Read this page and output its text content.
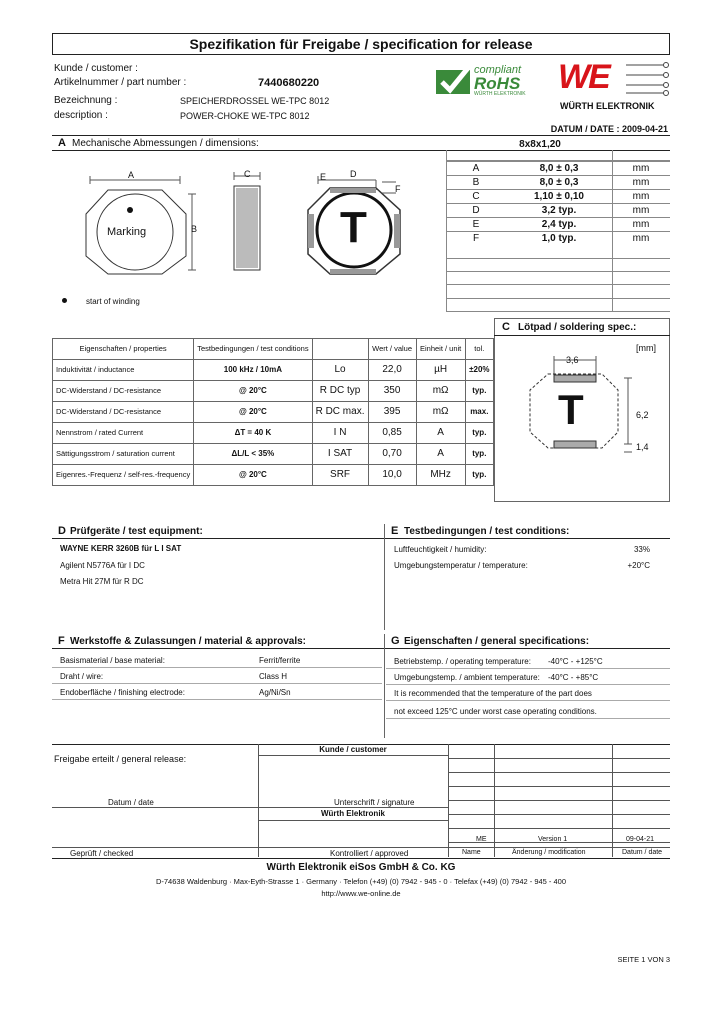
Spezifikation für Freigabe / specification for release
Kunde / customer :
Artikelnummer / part number :	7440680220
Bezeichnung :	SPEICHERDROSSEL WE-TPC 8012
description :	POWER-CHOKE WE-TPC 8012
compliant
RoHS
WÜRTH ELEKTRONIK WE
WÜRTH ELEKTRONIK
DATUM / DATE : 2009-04-21
A Mechanische Abmessungen / dimensions:	8x8x1,20
A
B
Marking
C
T
D
E
F
A	8,0 ± 0,3	mm
B	8,0 ± 0,3	mm
C	1,10 ± 0,10	mm
D	3,2 typ.	mm
E	2,4 typ.	mm
F	1,0 typ.	mm
start of winding
Eigenschaften / properties	Testbedingungen / test conditions		Wert / value	Einheit / unit	tol.
Induktivität / inductance	100 kHz / 10mA	Lo	22,0	µH	±20%
DC-Widerstand / DC-resistance	@ 20°C	R DC typ	350	mΩ	typ.
DC-Widerstand / DC-resistance	@ 20°C	R DC max.	395	mΩ	max.
Nennstrom / rated Current	ΔT = 40 K	I N	0,85	A	typ.
Sättigungsstrom / saturation current	ΔL/L < 35%	I SAT	0,70	A	typ.
Eigenres.-Frequenz / self-res.-frequency	@ 20°C	SRF	10,0	MHz	typ.
C Lötpad / soldering spec.:
[mm]
3,6
6,2
1,4
T
D Prüfgeräte / test equipment:
WAYNE KERR 3260B für L I SAT
Agilent N5776A für I DC
Metra Hit 27M für R DC
E Testbedingungen / test conditions:
Luftfeuchtigkeit / humidity:	33%
Umgebungstemperatur / temperature:	+20°C
F Werkstoffe & Zulassungen / material & approvals:
Basismaterial / base material:	Ferrit/ferrite
Draht / wire:	Class H
Endoberfläche / finishing electrode:	Ag/Ni/Sn
G Eigenschaften / general specifications:
Betriebstemp. / operating temperature: -40°C - +125°C
Umgebungstemp. / ambient temperature: -40°C - +85°C
It is recommended that the temperature of the part does
not exceed 125°C under worst case operating conditions.
Kunde / customer
Freigabe erteilt / general release:
Datum / date	Unterschrift / signature
Würth Elektronik
ME	Version 1	09-04-21
Geprüft / checked	Kontrolliert / approved	Name	Änderung / modification	Datum / date
Würth Elektronik eiSos GmbH & Co. KG
D-74638 Waldenburg · Max-Eyth-Strasse 1 · Germany · Telefon (+49) (0) 7942 - 945 - 0 · Telefax (+49) (0) 7942 - 945 - 400
http://www.we-online.de
SEITE 1 VON 3
